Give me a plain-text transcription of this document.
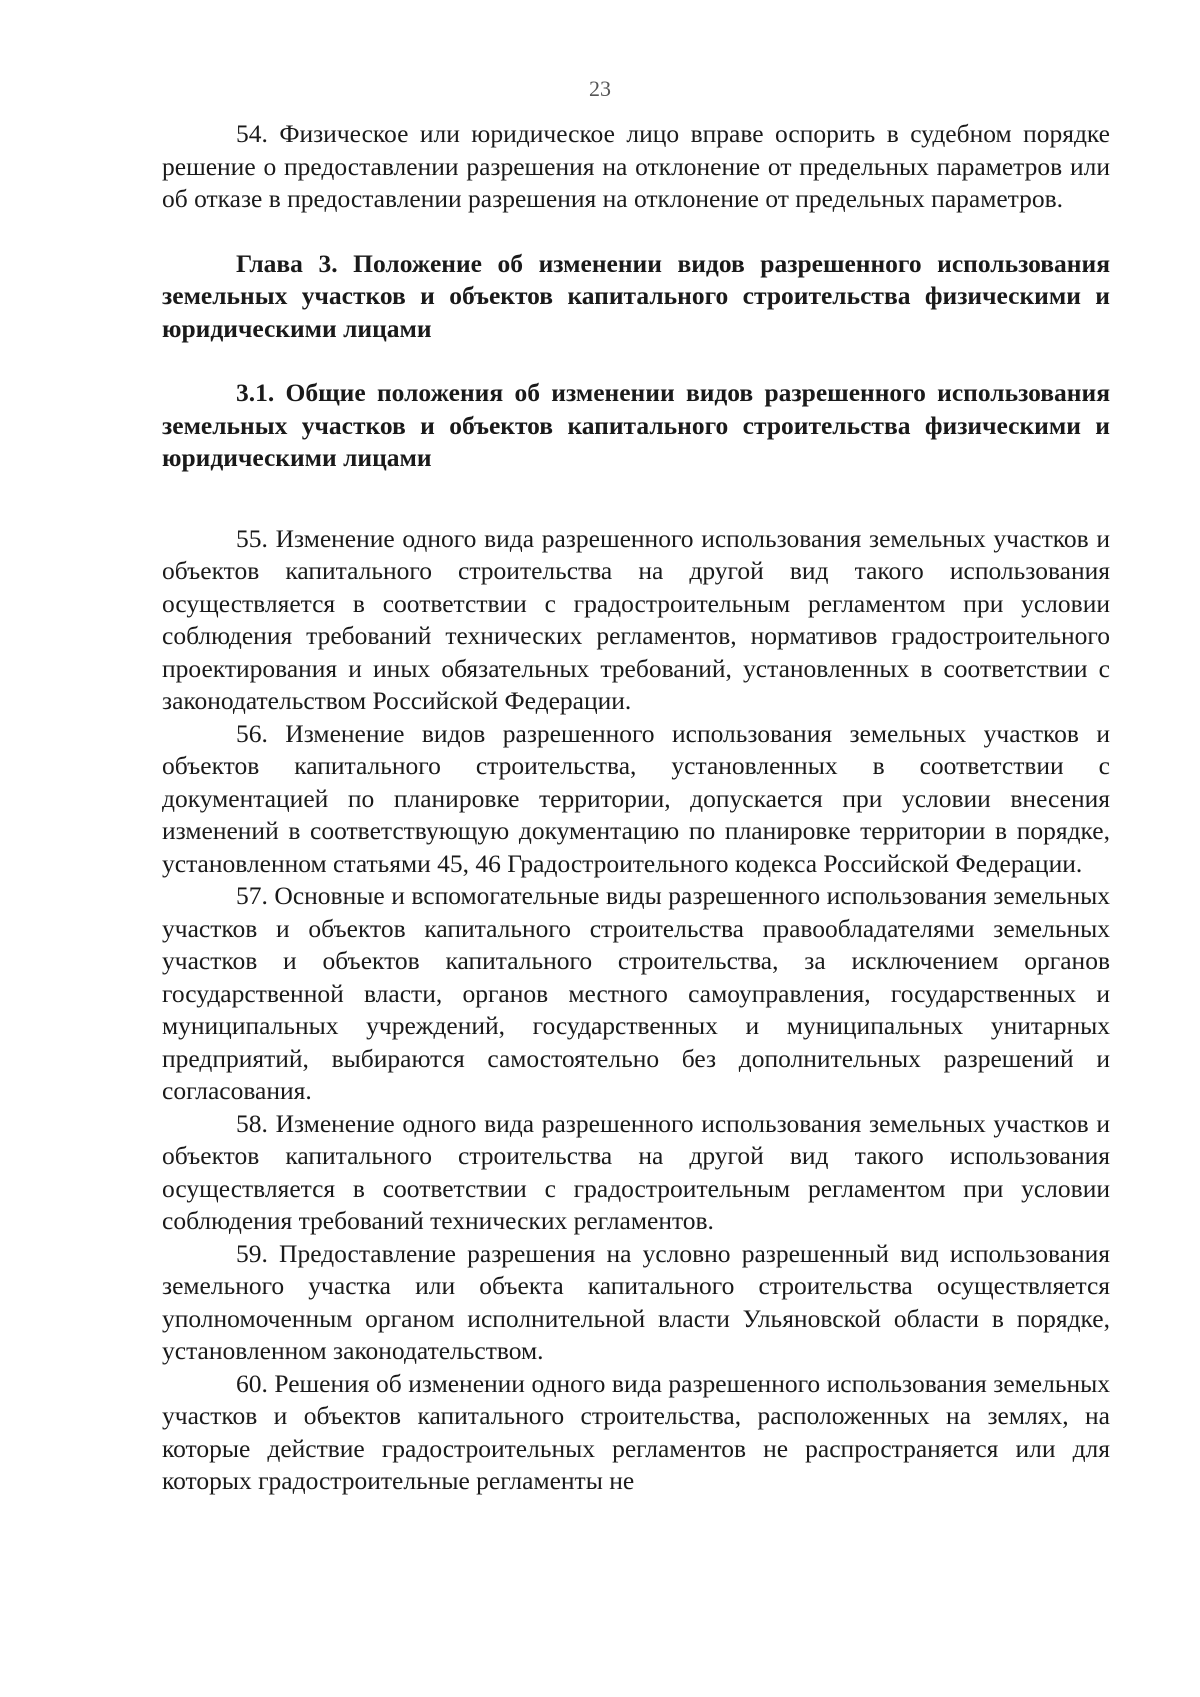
23

54. Физическое или юридическое лицо вправе оспорить в судебном порядке решение о предоставлении разрешения на отклонение от предельных параметров или об отказе в предоставлении разрешения на отклонение от предельных параметров.

Глава 3. Положение об изменении видов разрешенного использования земельных участков и объектов капитального строительства физическими и юридическими лицами

3.1. Общие положения об изменении видов разрешенного использования земельных участков и объектов капитального строительства физическими и юридическими лицами

55. Изменение одного вида разрешенного использования земельных участков и объектов капитального строительства на другой вид такого использования осуществляется в соответствии с градостроительным регламентом при условии соблюдения требований технических регламентов, нормативов градостроительного проектирования и иных обязательных требований, установленных в соответствии с законодательством Российской Федерации.

56. Изменение видов разрешенного использования земельных участков и объектов капитального строительства, установленных в соответствии с документацией по планировке территории, допускается при условии внесения изменений в соответствующую документацию по планировке территории в порядке, установленном статьями 45, 46 Градостроительного кодекса Российской Федерации.

57. Основные и вспомогательные виды разрешенного использования земельных участков и объектов капитального строительства правообладателями земельных участков и объектов капитального строительства, за исключением органов государственной власти, органов местного самоуправления, государственных и муниципальных учреждений, государственных и муниципальных унитарных предприятий, выбираются самостоятельно без дополнительных разрешений и согласования.

58. Изменение одного вида разрешенного использования земельных участков и объектов капитального строительства на другой вид такого использования осуществляется в соответствии с градостроительным регламентом при условии соблюдения требований технических регламентов.

59. Предоставление разрешения на условно разрешенный вид использования земельного участка или объекта капитального строительства осуществляется уполномоченным органом исполнительной власти Ульяновской области в порядке, установленном законодательством.

60. Решения об изменении одного вида разрешенного использования земельных участков и объектов капитального строительства, расположенных на землях, на которые действие градостроительных регламентов не распространяется или для которых градостроительные регламенты не
